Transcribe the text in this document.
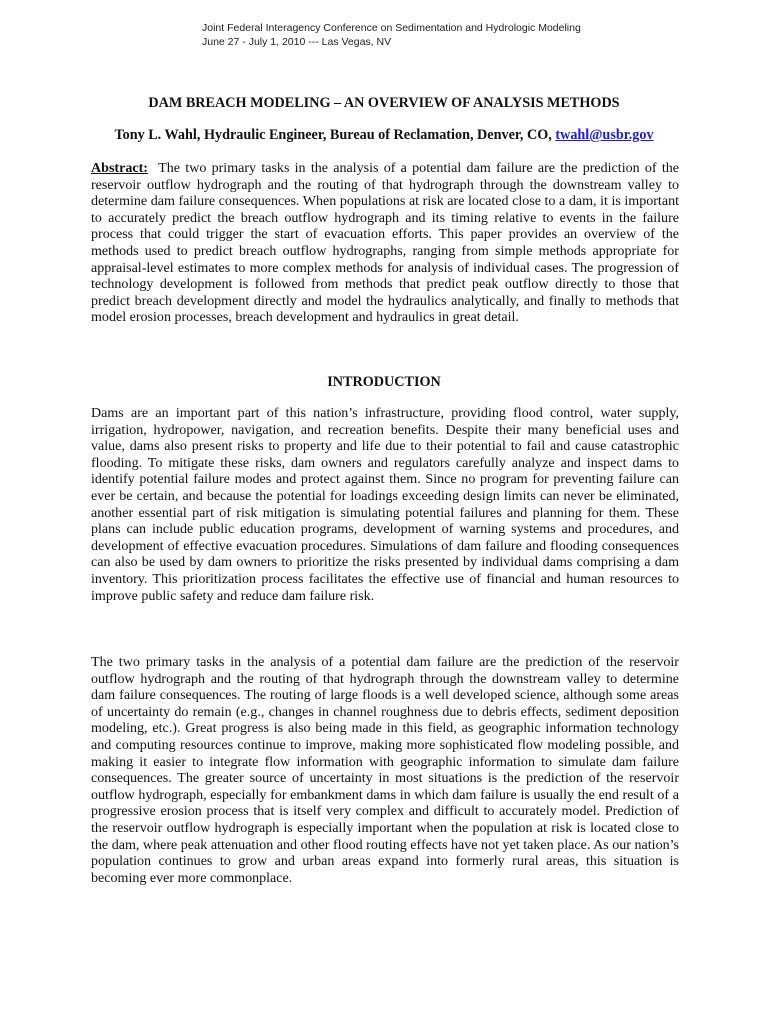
Joint Federal Interagency Conference on Sedimentation and Hydrologic Modeling
June 27 - July 1, 2010 --- Las Vegas, NV
DAM BREACH MODELING – AN OVERVIEW OF ANALYSIS METHODS
Tony L. Wahl, Hydraulic Engineer, Bureau of Reclamation, Denver, CO, twahl@usbr.gov

Abstract: The two primary tasks in the analysis of a potential dam failure are the prediction of the reservoir outflow hydrograph and the routing of that hydrograph through the downstream valley to determine dam failure consequences. When populations at risk are located close to a dam, it is important to accurately predict the breach outflow hydrograph and its timing relative to events in the failure process that could trigger the start of evacuation efforts. This paper provides an overview of the methods used to predict breach outflow hydrographs, ranging from simple methods appropriate for appraisal-level estimates to more complex methods for analysis of individual cases. The progression of technology development is followed from methods that predict peak outflow directly to those that predict breach development directly and model the hydraulics analytically, and finally to methods that model erosion processes, breach development and hydraulics in great detail.

INTRODUCTION

Dams are an important part of this nation’s infrastructure, providing flood control, water supply, irrigation, hydropower, navigation, and recreation benefits. Despite their many beneficial uses and value, dams also present risks to property and life due to their potential to fail and cause catastrophic flooding. To mitigate these risks, dam owners and regulators carefully analyze and inspect dams to identify potential failure modes and protect against them. Since no program for preventing failure can ever be certain, and because the potential for loadings exceeding design limits can never be eliminated, another essential part of risk mitigation is simulating potential failures and planning for them. These plans can include public education programs, development of warning systems and procedures, and development of effective evacuation procedures. Simulations of dam failure and flooding consequences can also be used by dam owners to prioritize the risks presented by individual dams comprising a dam inventory. This prioritization process facilitates the effective use of financial and human resources to improve public safety and reduce dam failure risk.

The two primary tasks in the analysis of a potential dam failure are the prediction of the reservoir outflow hydrograph and the routing of that hydrograph through the downstream valley to determine dam failure consequences. The routing of large floods is a well developed science, although some areas of uncertainty do remain (e.g., changes in channel roughness due to debris effects, sediment deposition modeling, etc.). Great progress is also being made in this field, as geographic information technology and computing resources continue to improve, making more sophisticated flow modeling possible, and making it easier to integrate flow information with geographic information to simulate dam failure consequences. The greater source of uncertainty in most situations is the prediction of the reservoir outflow hydrograph, especially for embankment dams in which dam failure is usually the end result of a progressive erosion process that is itself very complex and difficult to accurately model. Prediction of the reservoir outflow hydrograph is especially important when the population at risk is located close to the dam, where peak attenuation and other flood routing effects have not yet taken place. As our nation’s population continues to grow and urban areas expand into formerly rural areas, this situation is becoming ever more commonplace.
